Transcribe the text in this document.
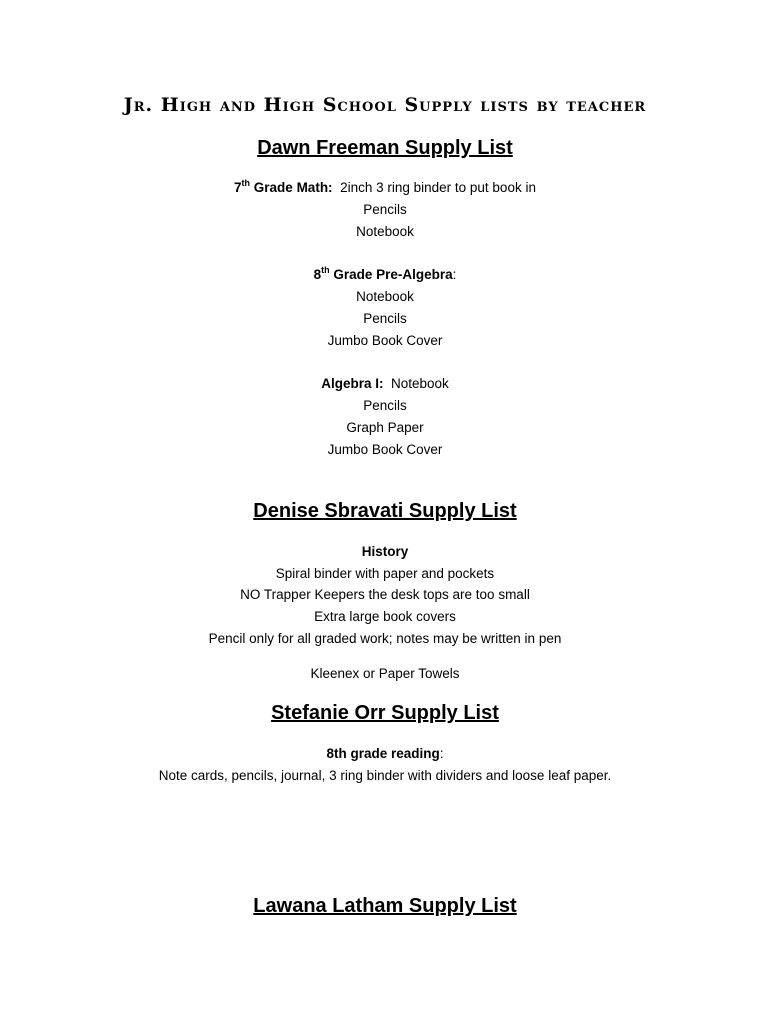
Jr. High and High School Supply lists by teacher
Dawn Freeman Supply List
7th Grade Math: 2inch 3 ring binder to put book in
Pencils
Notebook
8th Grade Pre-Algebra:
Notebook
Pencils
Jumbo Book Cover
Algebra I: Notebook
Pencils
Graph Paper
Jumbo Book Cover
Denise Sbravati Supply List
History
Spiral binder with paper and pockets
NO Trapper Keepers the desk tops are too small
Extra large book covers
Pencil only for all graded work; notes may be written in pen
Kleenex or Paper Towels
Stefanie Orr Supply List
8th grade reading:
Note cards, pencils, journal, 3 ring binder with dividers and loose leaf paper.
Lawana Latham Supply List
